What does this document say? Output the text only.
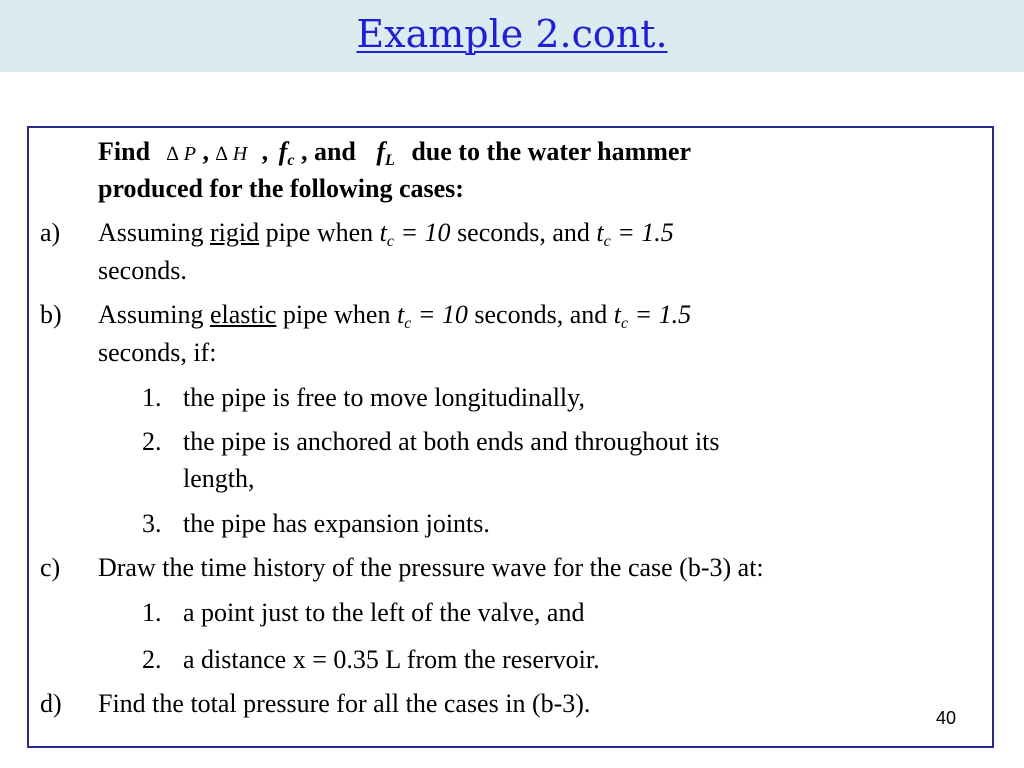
Example 2.cont.
Find ∆ P , ∆ H , $f_c$ , and $f_L$ due to the water hammer
produced for the following cases:
a) Assuming rigid pipe when $t_c = 10$ seconds, and $t_c = 1.5$
seconds.
b) Assuming elastic pipe when $t_c = 10$ seconds, and $t_c = 1.5$
seconds, if:
1. the pipe is free to move longitudinally,
2. the pipe is anchored at both ends and throughout its
length,
3. the pipe has expansion joints.
c) Draw the time history of the pressure wave for the case (b-3) at:
1. a point just to the left of the valve, and
2. a distance x = 0.35 L from the reservoir.
d) Find the total pressure for all the cases in (b-3).	40
